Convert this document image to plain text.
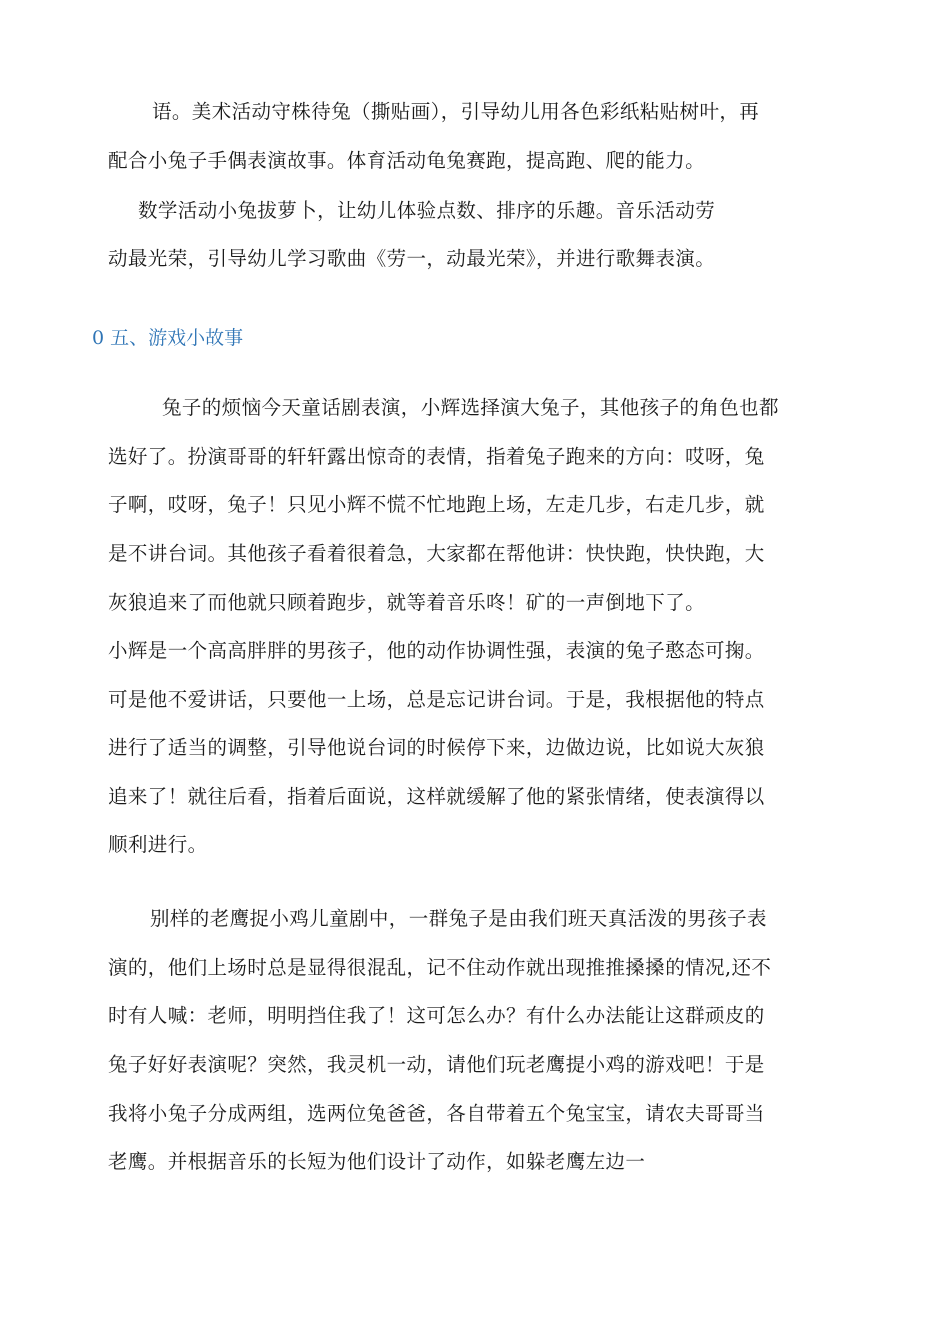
语。美术活动守株待兔（撕贴画），引导幼儿用各色彩纸粘贴树叶，再
配合小兔子手偶表演故事。体育活动龟兔赛跑，提高跑、爬的能力。
数学活动小兔拔萝卜，让幼儿体验点数、排序的乐趣。音乐活动劳
动最光荣，引导幼儿学习歌曲《劳一，动最光荣》，并进行歌舞表演。
0 五、游戏小故事
兔子的烦恼今天童话剧表演，小辉选择演大兔子，其他孩子的角色也都
选好了。扮演哥哥的轩轩露出惊奇的表情，指着兔子跑来的方向：哎呀，兔
子啊，哎呀，兔子！只见小辉不慌不忙地跑上场，左走几步，右走几步，就
是不讲台词。其他孩子看着很着急，大家都在帮他讲：快快跑，快快跑，大
灰狼追来了而他就只顾着跑步，就等着音乐咚！矿的一声倒地下了。
小辉是一个高高胖胖的男孩子，他的动作协调性强，表演的兔子憨态可掬。
可是他不爱讲话，只要他一上场，总是忘记讲台词。于是，我根据他的特点
进行了适当的调整，引导他说台词的时候停下来，边做边说，比如说大灰狼
追来了！就往后看，指着后面说，这样就缓解了他的紧张情绪，使表演得以
顺利进行。
别样的老鹰捉小鸡儿童剧中，一群兔子是由我们班天真活泼的男孩子表
演的，他们上场时总是显得很混乱，记不住动作就出现推推搡搡的情况,还不
时有人喊：老师，明明挡住我了！这可怎么办？有什么办法能让这群顽皮的
兔子好好表演呢？突然，我灵机一动，请他们玩老鹰提小鸡的游戏吧！于是
我将小兔子分成两组，选两位兔爸爸，各自带着五个兔宝宝，请农夫哥哥当
老鹰。并根据音乐的长短为他们设计了动作，如躲老鹰左边一
